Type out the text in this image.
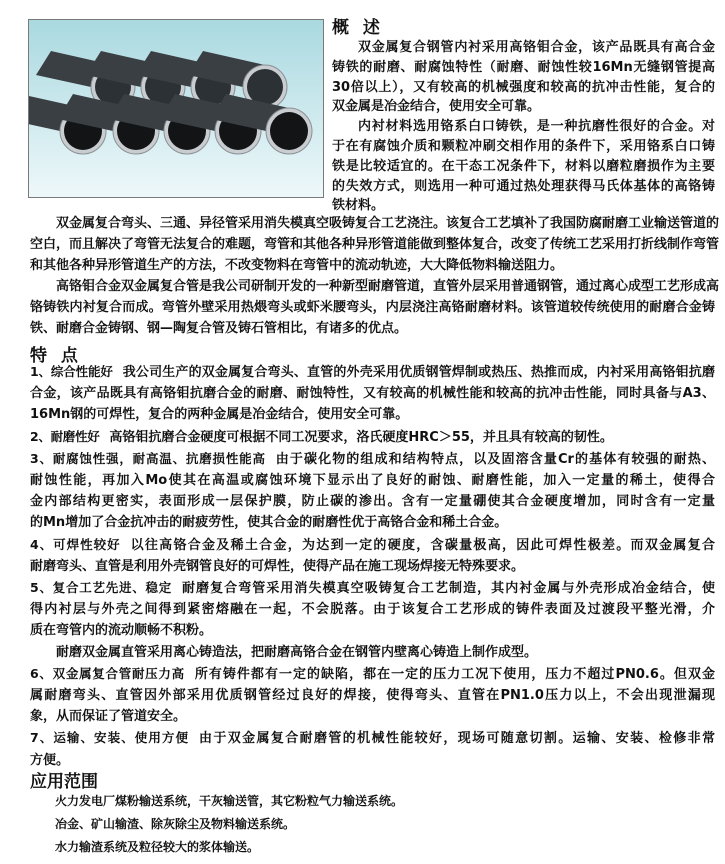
概 述
双金属复合钢管内衬采用高铬钼合金，该产品既具有高合金
铸铁的耐磨、耐腐蚀特性（耐磨、耐蚀性较16Mn无缝钢管提高
30倍以上），又有较高的机械强度和较高的抗冲击性能，复合的
双金属是冶金结合，使用安全可靠。
内衬材料选用铬系白口铸铁，是一种抗磨性很好的合金。对
于在有腐蚀介质和颗粒冲刷交相作用的条件下，采用铬系白口铸
铁是比较适宜的。在干态工况条件下，材料以磨粒磨损作为主要
的失效方式，则选用一种可通过热处理获得马氏体基体的高铬铸
铁材料。
双金属复合弯头、三通、异径管采用消失模真空吸铸复合工艺浇注。该复合工艺填补了我国防腐耐磨工业输送管道的
空白，而且解决了弯管无法复合的难题，弯管和其他各种异形管道能做到整体复合，改变了传统工艺采用打折线制作弯管
和其他各种异形管道生产的方法，不改变物料在弯管中的流动轨迹，大大降低物料输送阻力。
高铬钼合金双金属复合管是我公司研制开发的一种新型耐磨管道，直管外层采用普通钢管，通过离心成型工艺形成高
铬铸铁内衬复合而成。弯管外壁采用热煨弯头或虾米腰弯头，内层浇注高铬耐磨材料。该管道较传统使用的耐磨合金铸
铁、耐磨合金铸钢、钢—陶复合管及铸石管相比，有诸多的优点。
特 点
1、综合性能好 我公司生产的双金属复合弯头、直管的外壳采用优质钢管焊制或热压、热推而成，内衬采用高铬钼抗磨
合金，该产品既具有高铬钼抗磨合金的耐磨、耐蚀特性，又有较高的机械性能和较高的抗冲击性能，同时具备与A3、
16Mn钢的可焊性，复合的两种金属是冶金结合，使用安全可靠。
2、耐磨性好 高铬钼抗磨合金硬度可根据不同工况要求，洛氏硬度HRC＞55，并且具有较高的韧性。
3、耐腐蚀性强，耐高温、抗磨损性能高 由于碳化物的组成和结构特点，以及固溶含量Cr的基体有较强的耐热、
耐蚀性能，再加入Mo使其在高温或腐蚀环境下显示出了良好的耐蚀、耐磨性能，加入一定量的稀土，使得合
金内部结构更密实，表面形成一层保护膜，防止碳的渗出。含有一定量硼使其合金硬度增加，同时含有一定量
的Mn增加了合金抗冲击的耐疲劳性，使其合金的耐磨性优于高铬合金和稀土合金。
4、可焊性较好 以往高铬合金及稀土合金，为达到一定的硬度，含碳量极高，因此可焊性极差。而双金属复合
耐磨弯头、直管是利用外壳钢管良好的可焊性，使得产品在施工现场焊接无特殊要求。
5、复合工艺先进、稳定 耐磨复合弯管采用消失模真空吸铸复合工艺制造，其内衬金属与外壳形成冶金结合，使
得内衬层与外壳之间得到紧密熔融在一起，不会脱落。由于该复合工艺形成的铸件表面及过渡段平整光滑，介
质在弯管内的流动顺畅不积粉。
耐磨双金属直管采用离心铸造法，把耐磨高铬合金在钢管内壁离心铸造上制作成型。
6、双金属复合管耐压力高 所有铸件都有一定的缺陷，都在一定的压力工况下使用，压力不超过PN0.6。但双金
属耐磨弯头、直管因外部采用优质钢管经过良好的焊接，使得弯头、直管在PN1.0压力以上，不会出现泄漏现
象，从而保证了管道安全。
7、运输、安装、使用方便 由于双金属复合耐磨管的机械性能较好，现场可随意切割。运输、安装、检修非常
方便。
应用范围
火力发电厂煤粉输送系统，干灰输送管，其它粉粒气力输送系统。
冶金、矿山输渣、除灰除尘及物料输送系统。
水力输渣系统及粒径较大的浆体输送。
